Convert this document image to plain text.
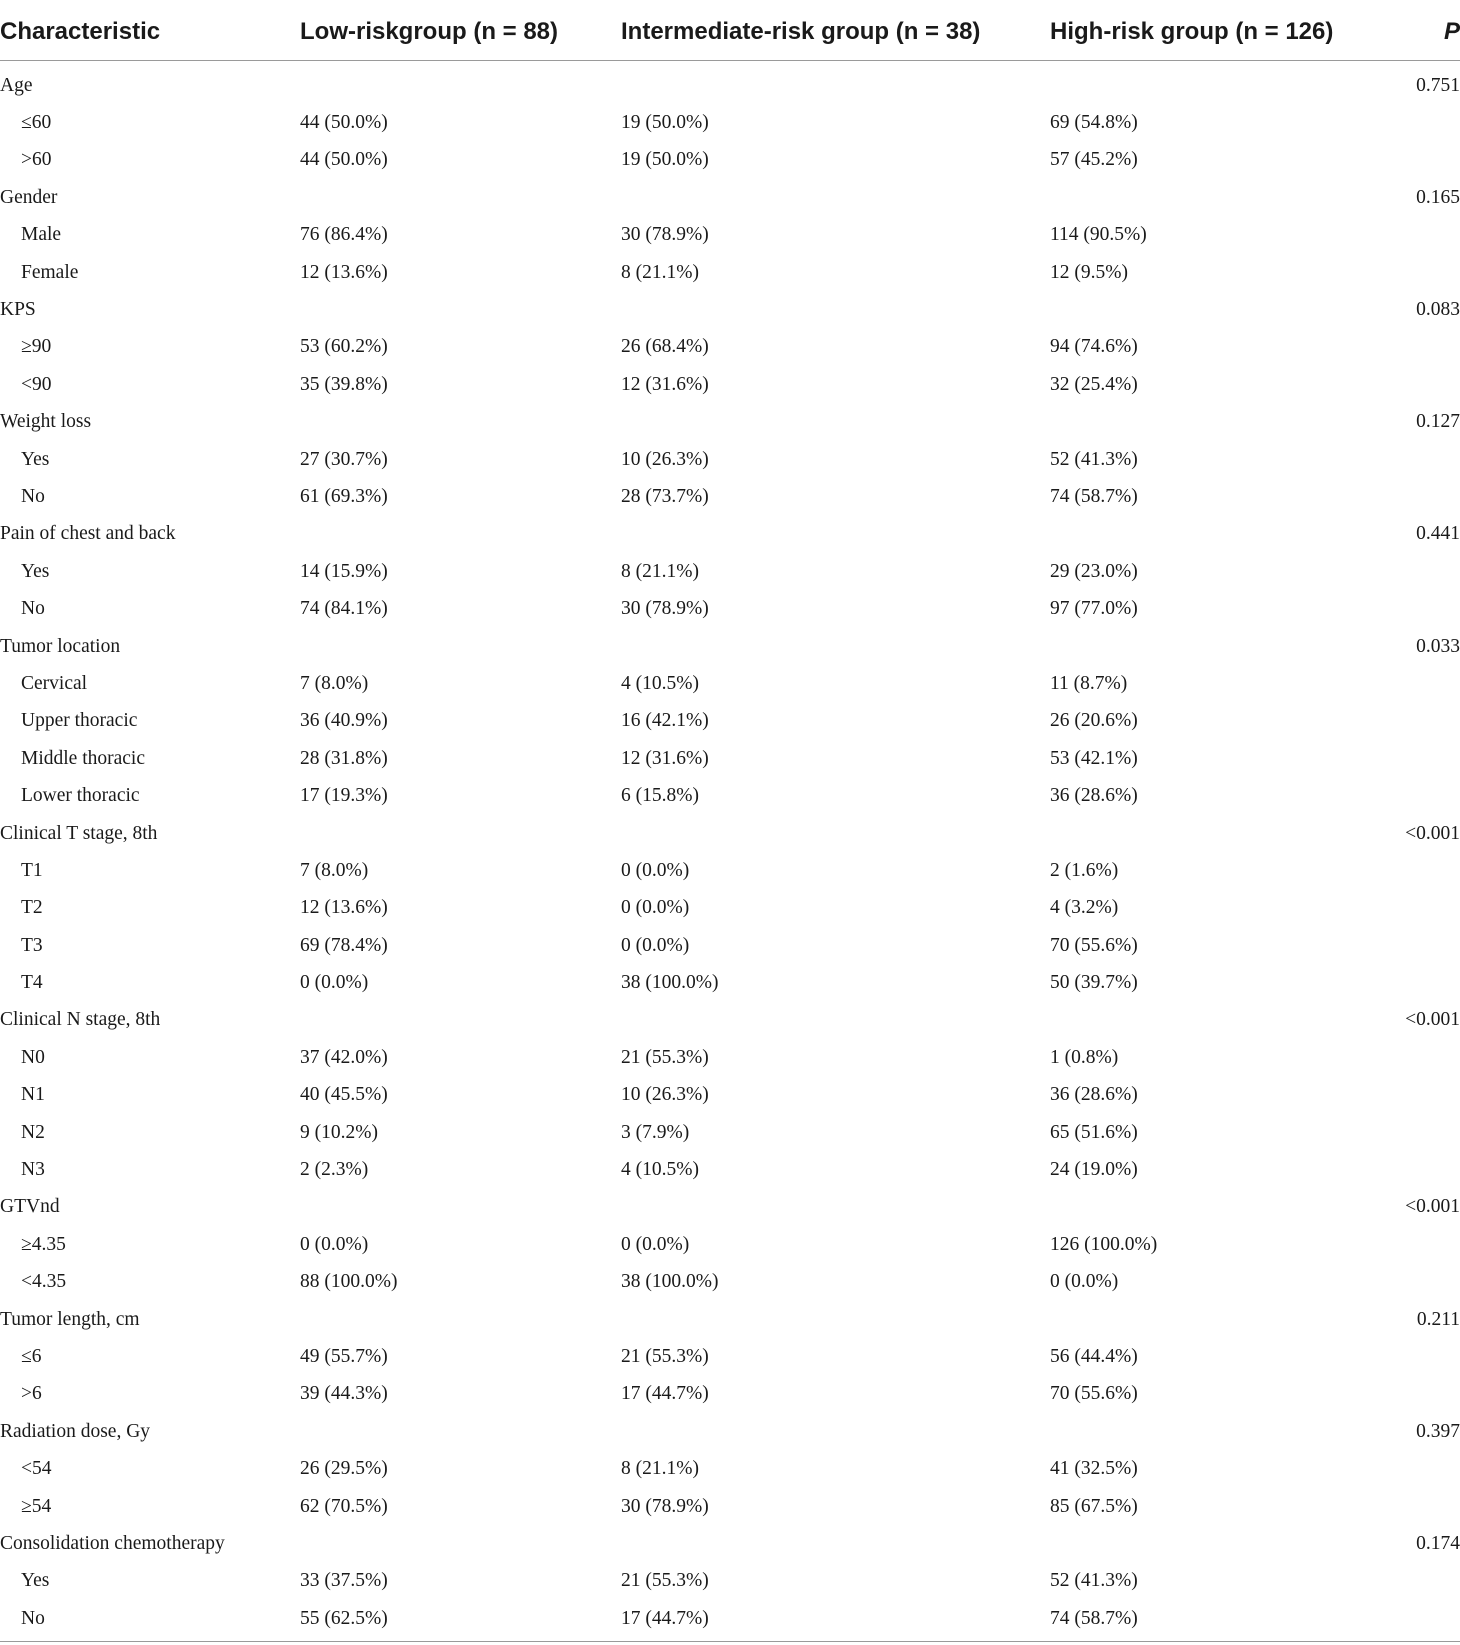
Characteristic	Low-riskgroup (n = 88)	Intermediate-risk group (n = 38)	High-risk group (n = 126)	P
Age				0.751
≤60	44 (50.0%)	19 (50.0%)	69 (54.8%)	
>60	44 (50.0%)	19 (50.0%)	57 (45.2%)	
Gender				0.165
Male	76 (86.4%)	30 (78.9%)	114 (90.5%)	
Female	12 (13.6%)	8 (21.1%)	12 (9.5%)	
KPS				0.083
≥90	53 (60.2%)	26 (68.4%)	94 (74.6%)	
<90	35 (39.8%)	12 (31.6%)	32 (25.4%)	
Weight loss				0.127
Yes	27 (30.7%)	10 (26.3%)	52 (41.3%)	
No	61 (69.3%)	28 (73.7%)	74 (58.7%)	
Pain of chest and back				0.441
Yes	14 (15.9%)	8 (21.1%)	29 (23.0%)	
No	74 (84.1%)	30 (78.9%)	97 (77.0%)	
Tumor location				0.033
Cervical	7 (8.0%)	4 (10.5%)	11 (8.7%)	
Upper thoracic	36 (40.9%)	16 (42.1%)	26 (20.6%)	
Middle thoracic	28 (31.8%)	12 (31.6%)	53 (42.1%)	
Lower thoracic	17 (19.3%)	6 (15.8%)	36 (28.6%)	
Clinical T stage, 8th				<0.001
T1	7 (8.0%)	0 (0.0%)	2 (1.6%)	
T2	12 (13.6%)	0 (0.0%)	4 (3.2%)	
T3	69 (78.4%)	0 (0.0%)	70 (55.6%)	
T4	0 (0.0%)	38 (100.0%)	50 (39.7%)	
Clinical N stage, 8th				<0.001
N0	37 (42.0%)	21 (55.3%)	1 (0.8%)	
N1	40 (45.5%)	10 (26.3%)	36 (28.6%)	
N2	9 (10.2%)	3 (7.9%)	65 (51.6%)	
N3	2 (2.3%)	4 (10.5%)	24 (19.0%)	
GTVnd				<0.001
≥4.35	0 (0.0%)	0 (0.0%)	126 (100.0%)	
<4.35	88 (100.0%)	38 (100.0%)	0 (0.0%)	
Tumor length, cm				0.211
≤6	49 (55.7%)	21 (55.3%)	56 (44.4%)	
>6	39 (44.3%)	17 (44.7%)	70 (55.6%)	
Radiation dose, Gy				0.397
<54	26 (29.5%)	8 (21.1%)	41 (32.5%)	
≥54	62 (70.5%)	30 (78.9%)	85 (67.5%)	
Consolidation chemotherapy				0.174
Yes	33 (37.5%)	21 (55.3%)	52 (41.3%)	
No	55 (62.5%)	17 (44.7%)	74 (58.7%)	
